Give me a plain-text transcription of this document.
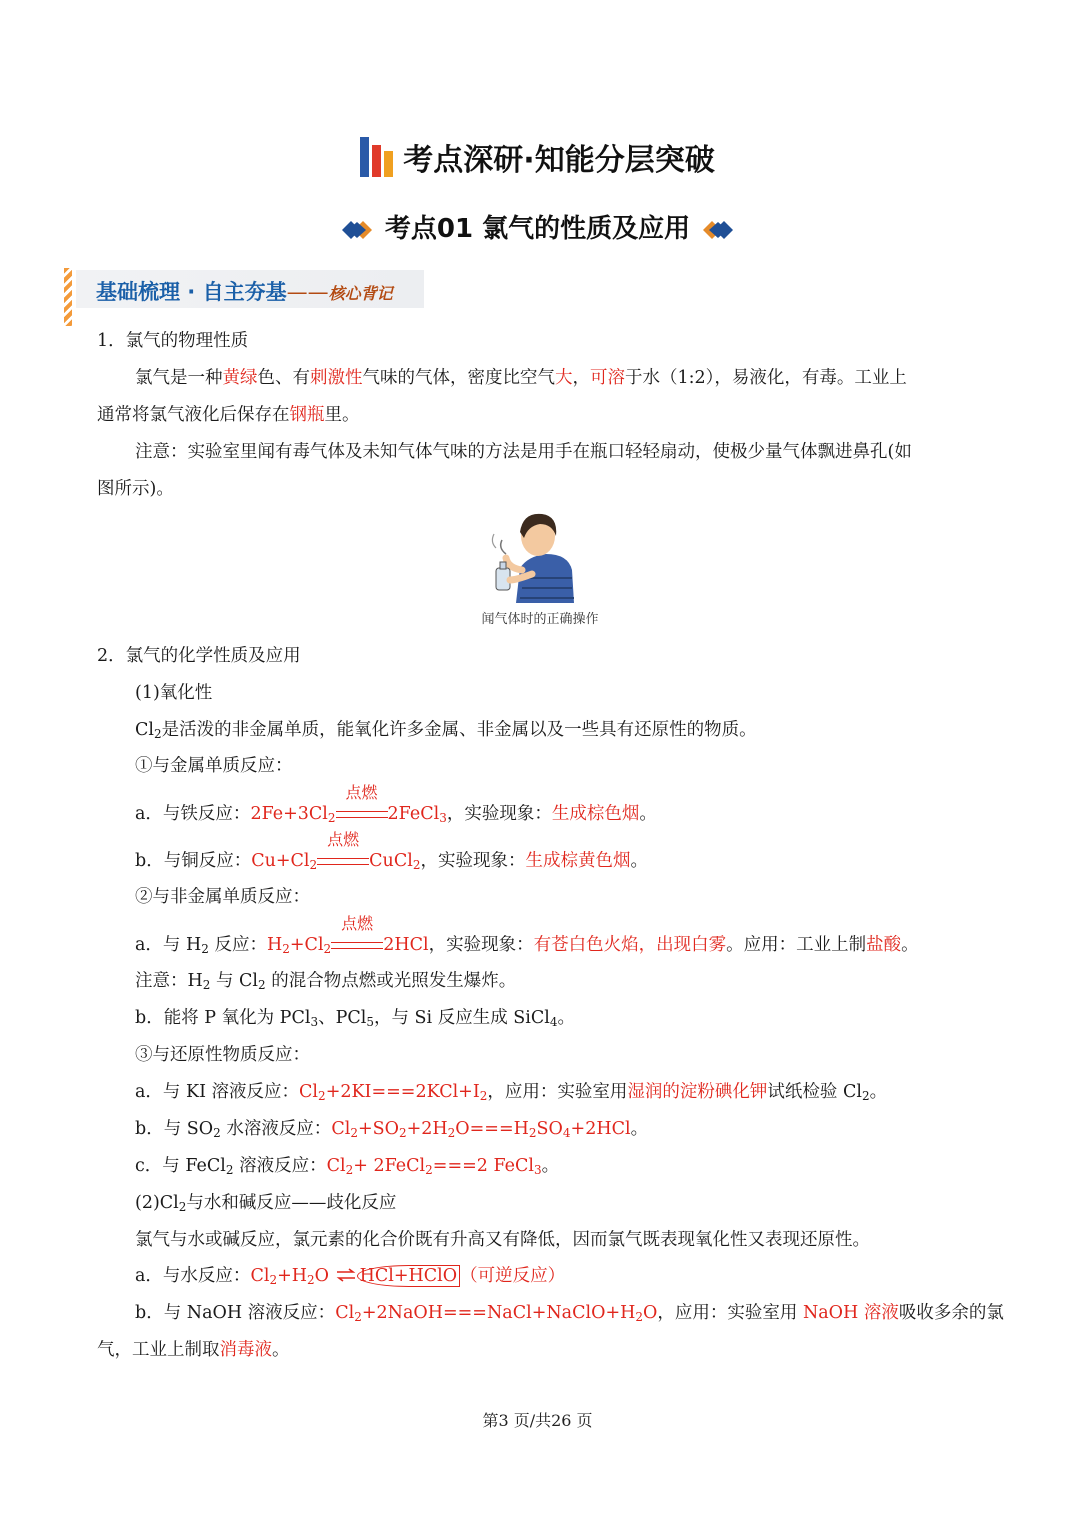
考点深研·知能分层突破
考点01 氯气的性质及应用
基础梳理 · 自主夯基——核心背记
1．氯气的物理性质
氯气是一种黄绿色、有刺激性气味的气体，密度比空气大，可溶于水（1:2），易液化，有毒。工业上
通常将氯气液化后保存在钢瓶里。
注意：实验室里闻有毒气体及未知气体气味的方法是用手在瓶口轻轻扇动，使极少量气体飘进鼻孔(如
图所示)。
闻气体时的正确操作
2．氯气的化学性质及应用
(1)氧化性
$Cl_2$是活泼的非金属单质，能氧化许多金属、非金属以及一些具有还原性的物质。
①与金属单质反应：
a．与铁反应：$2Fe+3Cl_2$
点燃
2FeCl$_3$，实验现象：生成棕色烟。
b．与铜反应：$Cu+Cl_2$
点燃
CuCl$_2$，实验现象：生成棕黄色烟。
②与非金属单质反应：
a．与 $H_2$ 反应：$H_2+Cl_2$
点燃
2HCl，实验现象：有苍白色火焰，出现白雾。应用：工业上制盐酸。
注意：$H_2$ 与 $Cl_2$ 的混合物点燃或光照发生爆炸。
b．能将 P 氧化为 PCl$_3$、PCl$_5$，与 Si 反应生成 SiCl$_4$。
③与还原性物质反应：
a．与 KI 溶液反应：$Cl_2+2KI===2KCl+I_2$，应用：实验室用湿润的淀粉碘化钾试纸检验 $Cl_2$。
b．与 $SO_2$ 水溶液反应：$Cl_2+SO_2+2H_2O===H_2SO_4+2HCl$。
c．与 FeCl$_2$ 溶液反应：$Cl_2+$ 2FeCl$_2$===2 FeCl$_3$。
$(2)Cl_2$与水和碱反应——歧化反应
氯气与水或碱反应，氯元素的化合价既有升高又有降低，因而氯气既表现氧化性又表现还原性。
a．与水反应：$Cl_2+H_2O$ ⇌ HCl+HClO （可逆反应）
b．与 NaOH 溶液反应：$Cl_2+2NaOH===NaCl+NaClO+H_2O$，应用：实验室用 NaOH 溶液吸收多余的氯
气，工业上制取消毒液。
第3 页/共26 页
